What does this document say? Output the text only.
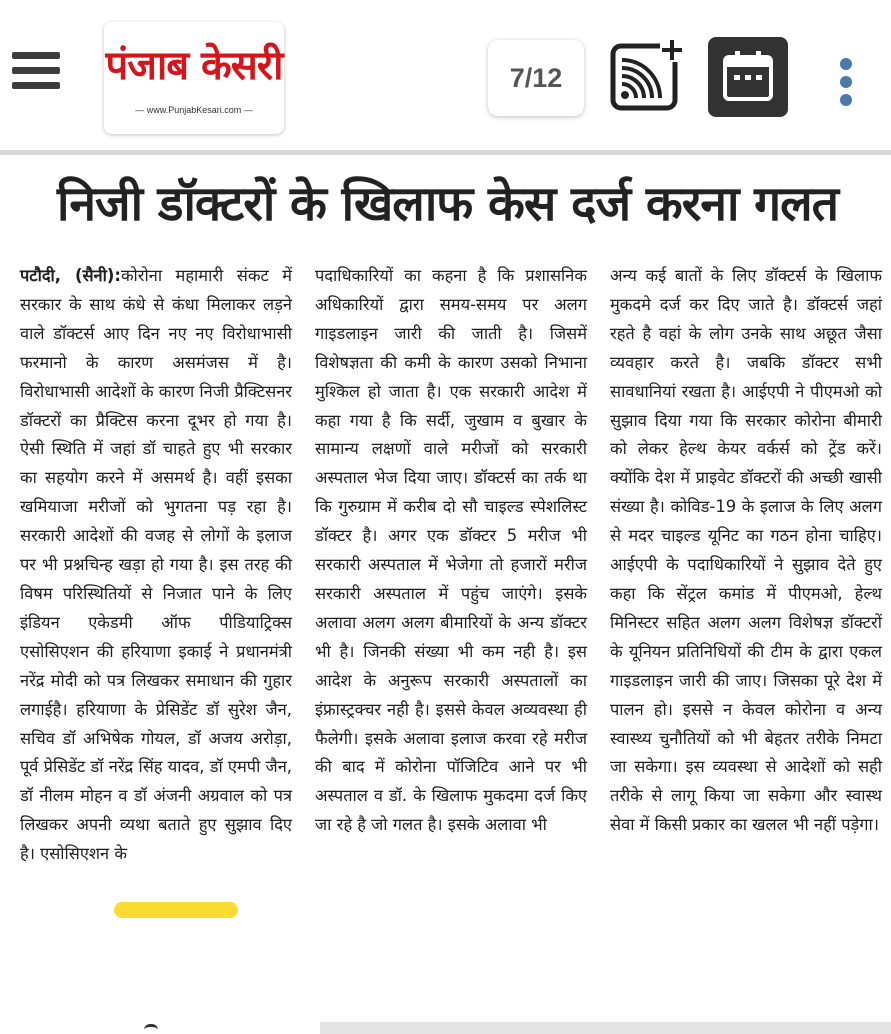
पंजाब केसरी
— www.PunjabKesari.com —
7/12
निजी डॉक्टरों के खिलाफ केस दर्ज करना गलत

पटौदी, (सैनी):कोरोना महामारी संकट में सरकार के साथ कंधे से कंधा मिलाकर लड़ने वाले डॉक्टर्स आए दिन नए नए विरोधाभासी फरमानो के कारण असमंजस में है। विरोधाभासी आदेशों के कारण निजी प्रैक्टिसनर डॉक्टरों का प्रैक्टिस करना दूभर हो गया है। ऐसी स्थिति में जहां डॉ चाहते हुए भी सरकार का सहयोग करने में असमर्थ है। वहीं इसका खमियाजा मरीजों को भुगतना पड़ रहा है। सरकारी आदेशों की वजह से लोगों के इलाज पर भी प्रश्नचिन्ह खड़ा हो गया है। इस तरह की विषम परिस्थितियों से निजात पाने के लिए इंडियन एकेडमी ऑफ पीडियाट्रिक्स एसोसिएशन की हरियाणा इकाई ने प्रधानमंत्री नरेंद्र मोदी को पत्र लिखकर समाधान की गुहार लगाईहै। हरियाणा के प्रेसिडेंट डॉ सुरेश जैन, सचिव डॉ अभिषेक गोयल, डॉ अजय अरोड़ा, पूर्व प्रेसिडेंट डॉ नरेंद्र सिंह यादव, डॉ एमपी जैन, डॉ नीलम मोहन व डॉ अंजनी अग्रवाल को पत्र लिखकर अपनी व्यथा बताते हुए सुझाव दिए है। एसोसिएशन के

पदाधिकारियों का कहना है कि प्रशासनिक अधिकारियों द्वारा समय-समय पर अलग गाइडलाइन जारी की जाती है। जिसमें विशेषज्ञता की कमी के कारण उसको निभाना मुश्किल हो जाता है। एक सरकारी आदेश में कहा गया है कि सर्दी, जुखाम व बुखार के सामान्य लक्षणों वाले मरीजों को सरकारी अस्पताल भेज दिया जाए। डॉक्टर्स का तर्क था कि गुरुग्राम में करीब दो सौ चाइल्ड स्पेशलिस्ट डॉक्टर है। अगर एक डॉक्टर 5 मरीज भी सरकारी अस्पताल में भेजेगा तो हजारों मरीज सरकारी अस्पताल में पहुंच जाएंगे। इसके अलावा अलग अलग बीमारियों के अन्य डॉक्टर भी है। जिनकी संख्या भी कम नही है। इस आदेश के अनुरूप सरकारी अस्पतालों का इंफ्रास्ट्रक्चर नही है। इससे केवल अव्यवस्था ही फैलेगी। इसके अलावा इलाज करवा रहे मरीज की बाद में कोरोना पॉजिटिव आने पर भी अस्पताल व डॉ. के खिलाफ मुकदमा दर्ज किए जा रहे है जो गलत है। इसके अलावा भी

अन्य कई बातों के लिए डॉक्टर्स के खिलाफ मुकदमे दर्ज कर दिए जाते है। डॉक्टर्स जहां रहते है वहां के लोग उनके साथ अछूत जैसा व्यवहार करते है। जबकि डॉक्टर सभी सावधानियां रखता है। आईएपी ने पीएमओ को सुझाव दिया गया कि सरकार कोरोना बीमारी को लेकर हेल्थ केयर वर्कर्स को ट्रेंड करें। क्योंकि देश में प्राइवेट डॉक्टरों की अच्छी खासी संख्या है। कोविड-19 के इलाज के लिए अलग से मदर चाइल्ड यूनिट का गठन होना चाहिए। आईएपी के पदाधिकारियों ने सुझाव देते हुए कहा कि सेंट्रल कमांड में पीएमओ, हेल्थ मिनिस्टर सहित अलग अलग विशेषज्ञ डॉक्टरों के यूनियन प्रतिनिधियों की टीम के द्वारा एकल गाइडलाइन जारी की जाए। जिसका पूरे देश में पालन हो। इससे न केवल कोरोना व अन्य स्वास्थ्य चुनौतियों को भी बेहतर तरीके निमटा जा सकेगा। इस व्यवस्था से आदेशों को सही तरीके से लागू किया जा सकेगा और स्वास्थ सेवा में किसी प्रकार का खलल भी नहीं पड़ेगा।
